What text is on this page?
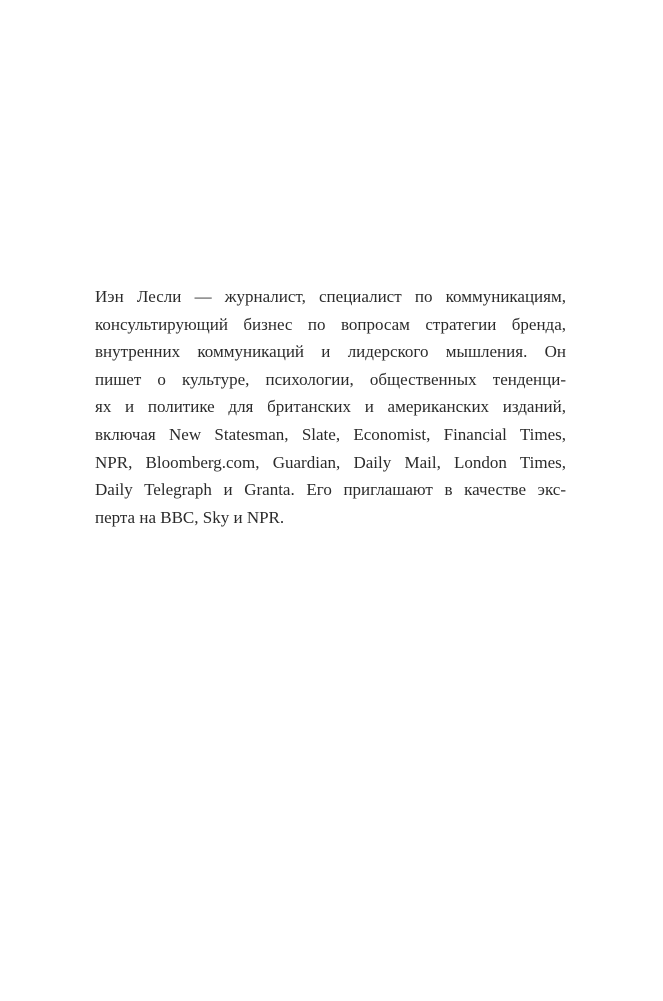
Иэн Лесли — журналист, специалист по коммуникациям,
консультирующий бизнес по вопросам стратегии бренда,
внутренних коммуникаций и лидерского мышления. Он
пишет о культуре, психологии, общественных тенденци-
ях и политике для британских и американских изданий,
включая New Statesman, Slate, Economist, Financial Times,
NPR, Bloomberg.com, Guardian, Daily Mail, London Times,
Daily Telegraph и Granta. Его приглашают в качестве экс-
перта на BBC, Sky и NPR.
